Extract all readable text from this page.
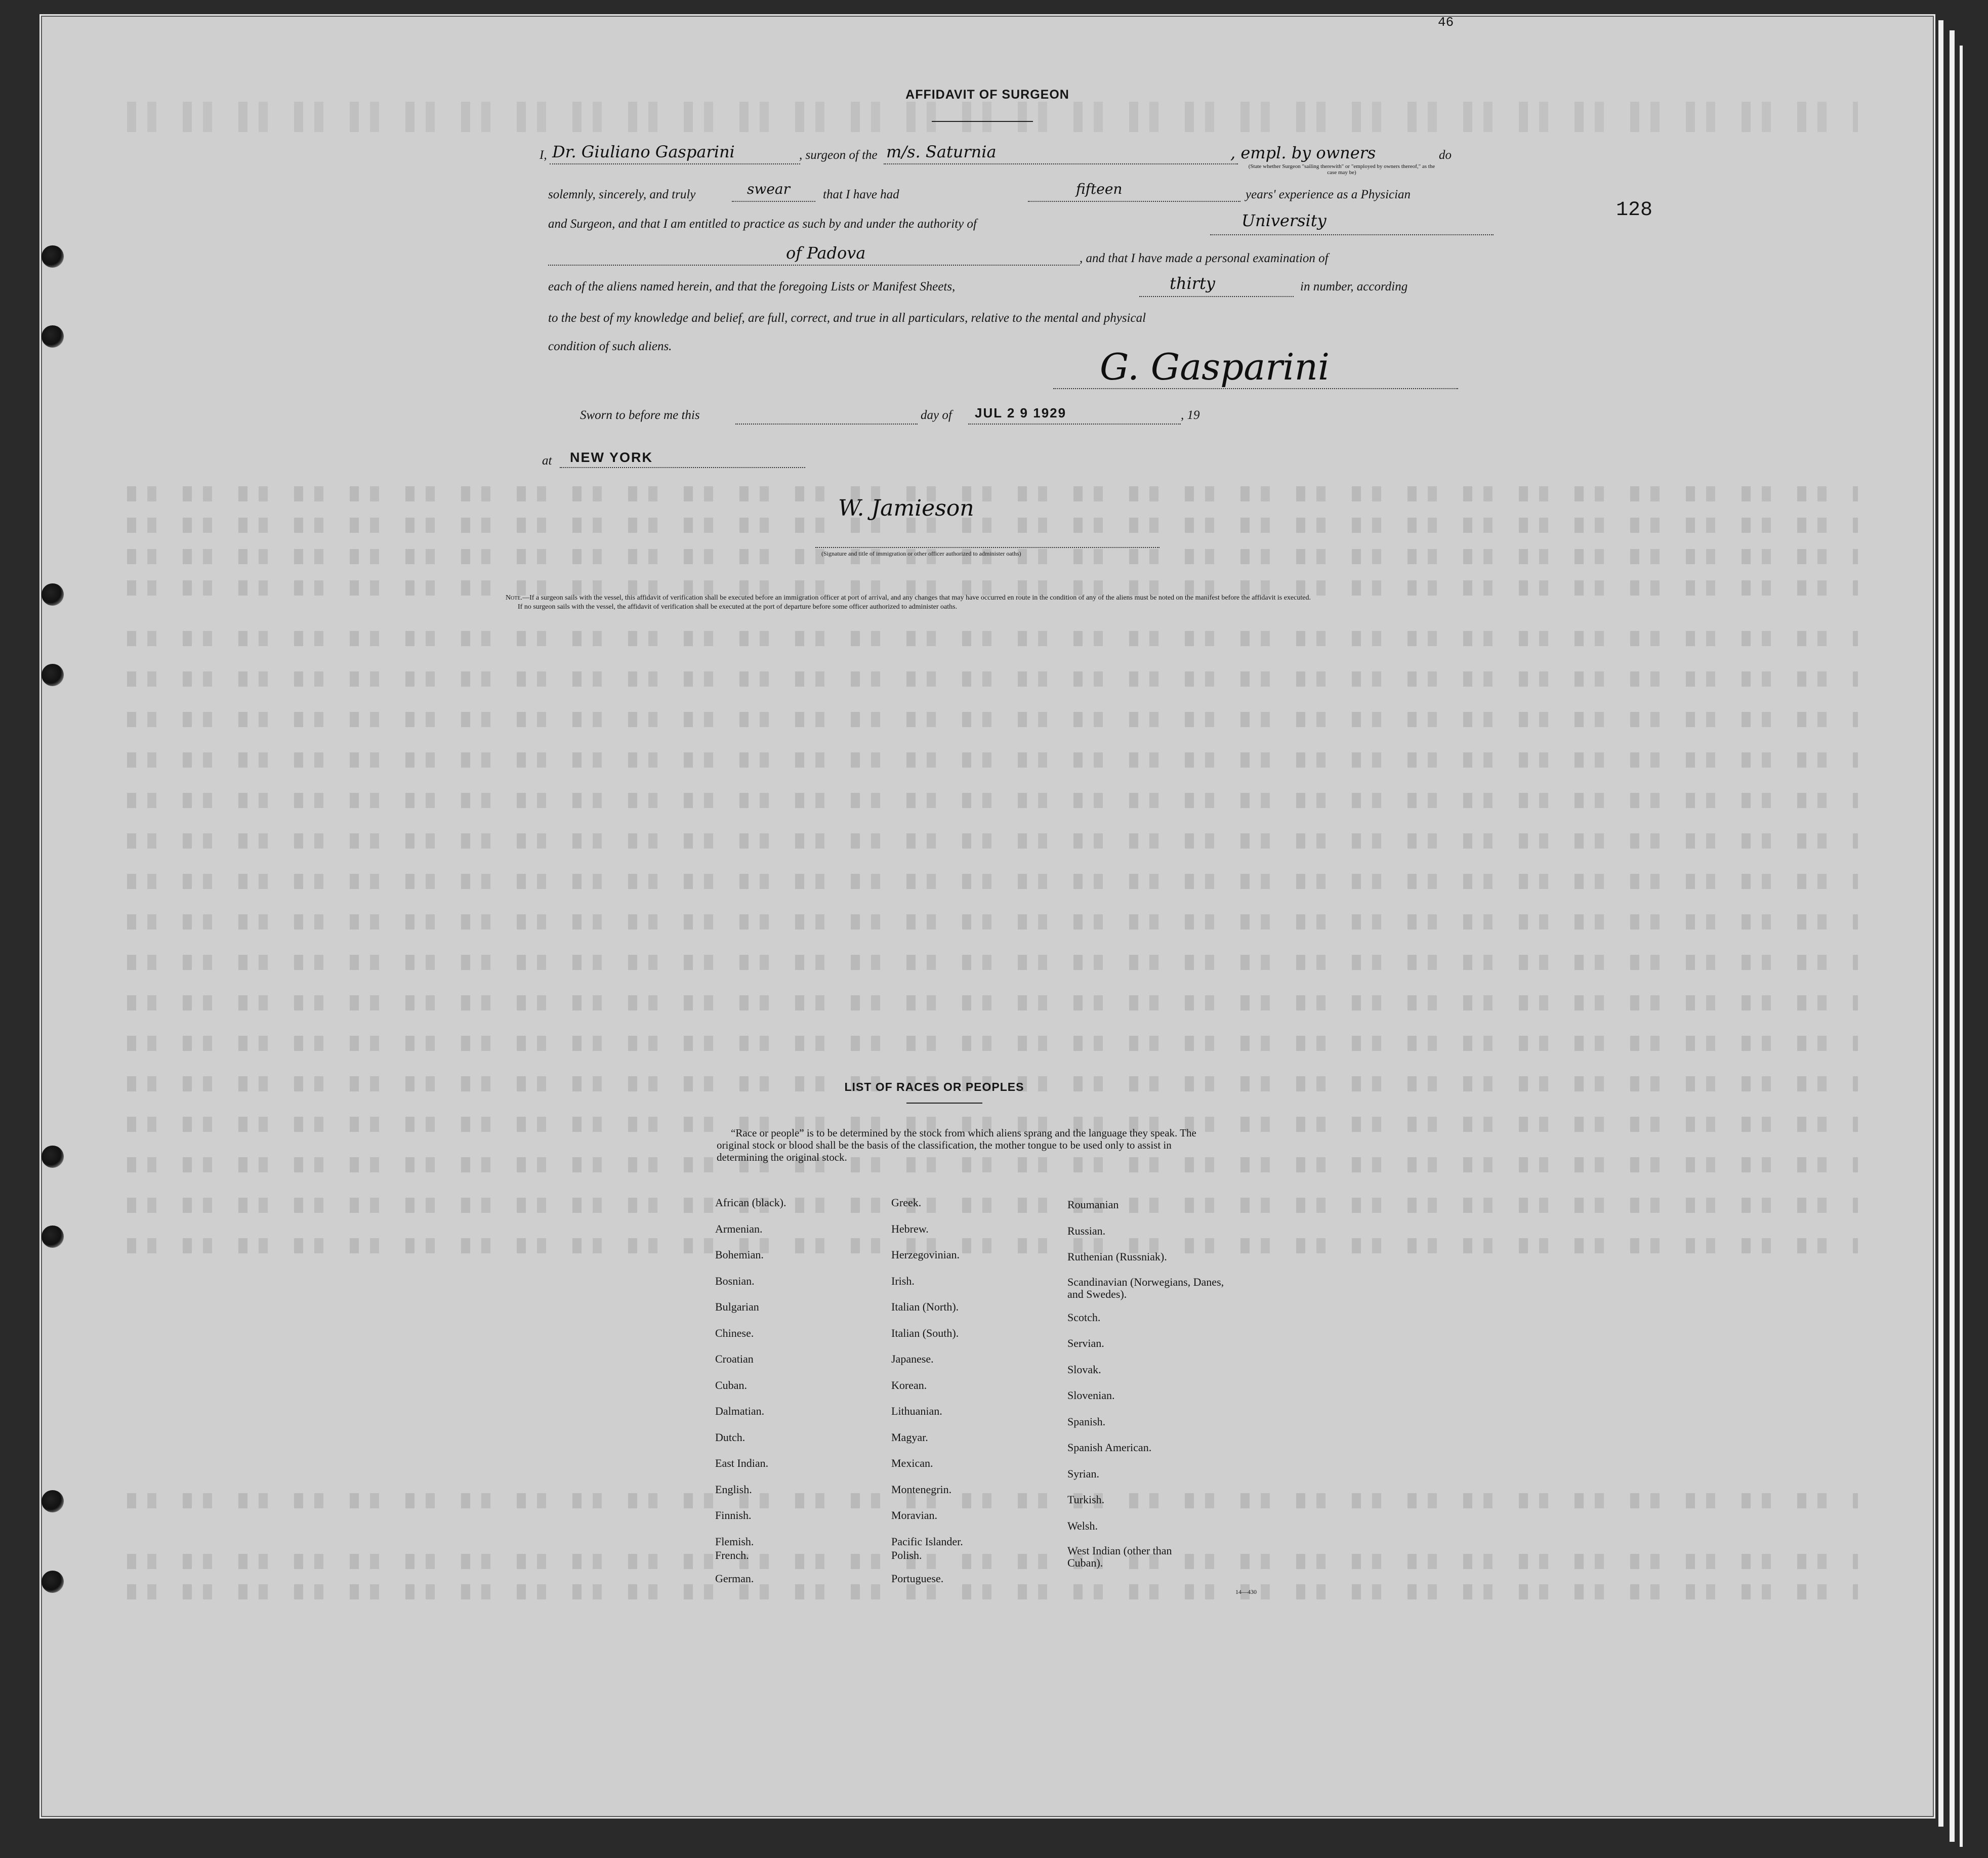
46
128
AFFIDAVIT OF SURGEON
I, Dr. Giuliano Gasparini	, surgeon of the m/s. Saturnia	, empl. by owners	do
(State whether Surgeon "sailing therewith" or "employed by owners thereof," as the case may be)
solemnly, sincerely, and truly	swear	that I have had	fifteen	years' experience as a Physician
and Surgeon, and that I am entitled to practice as such by and under the authority of	University
of Padova	, and that I have made a personal examination of
each of the aliens named herein, and that the foregoing Lists or Manifest Sheets,	thirty	in number, according
to the best of my knowledge and belief, are full, correct, and true in all particulars, relative to the mental and physical
condition of such aliens.	G. Gasparini
Sworn to before me this	day of JUL 2 9 1929	, 19
at NEW YORK
W. Jamieson
(Signature and title of immigration or other officer authorized to administer oaths)
Note.—If a surgeon sails with the vessel, this affidavit of verification shall be executed before an immigration officer at port of arrival, and any changes that may have occurred en route in the condition of any of the aliens must be noted on the manifest before the affidavit is executed.
If no surgeon sails with the vessel, the affidavit of verification shall be executed at the port of departure before some officer authorized to administer oaths.
LIST OF RACES OR PEOPLES
“Race or people” is to be determined by the stock from which aliens sprang and the language they speak. The original stock or blood shall be the basis of the classification, the mother tongue to be used only to assist in determining the original stock.
African (black).
Armenian.
Bohemian.
Bosnian.
Bulgarian
Chinese.
Croatian
Cuban.
Dalmatian.
Dutch.
East Indian.
English.
Finnish.
Flemish.
French.
German.
Greek.
Hebrew.
Herzegovinian.
Irish.
Italian (North).
Italian (South).
Japanese.
Korean.
Lithuanian.
Magyar.
Mexican.
Montenegrin.
Moravian.
Pacific Islander.
Polish.
Portuguese.
Roumanian
Russian.
Ruthenian (Russniak).
Scandinavian (Norwegians, Danes, and Swedes).
Scotch.
Servian.
Slovak.
Slovenian.
Spanish.
Spanish American.
Syrian.
Turkish.
Welsh.
West Indian (other than Cuban).
14—430
